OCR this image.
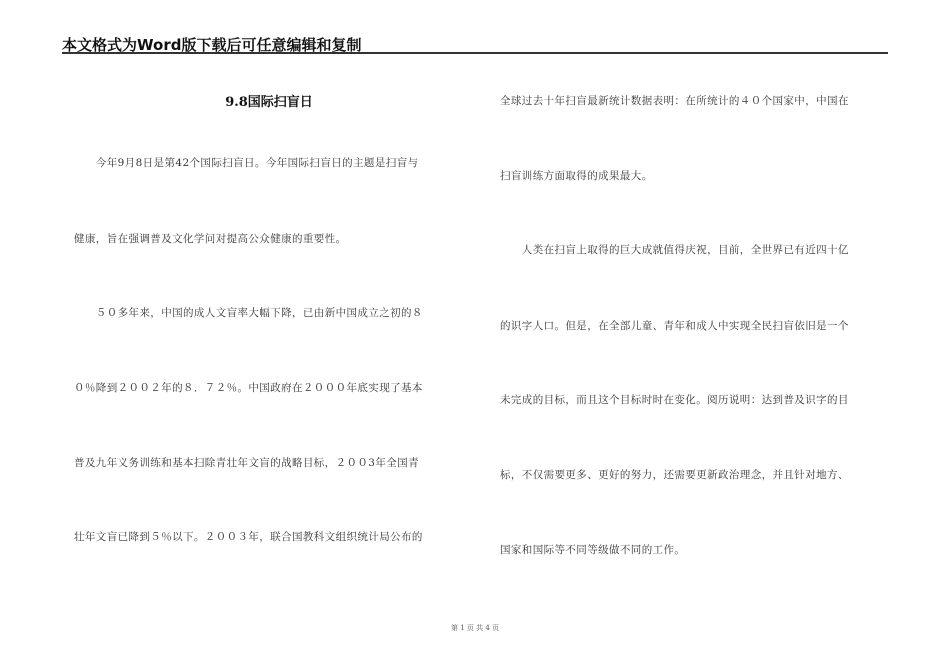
本文格式为Word版下载后可任意编辑和复制
9.8国际扫盲日
　　今年9月8日是第42个国际扫盲日。今年国际扫盲日的主题是扫盲与
健康，旨在强调普及文化学问对提高公众健康的重要性。
　　５０多年来，中国的成人文盲率大幅下降，已由新中国成立之初的８
０％降到２００２年的８．７２％。中国政府在２０００年底实现了基本
普及九年义务训练和基本扫除青壮年文盲的战略目标，２００3年全国青
壮年文盲已降到５％以下。２００３年，联合国教科文组织统计局公布的
全球过去十年扫盲最新统计数据表明：在所统计的４０个国家中，中国在
扫盲训练方面取得的成果最大。
　　人类在扫盲上取得的巨大成就值得庆祝，目前，全世界已有近四十亿
的识字人口。但是，在全部儿童、青年和成人中实现全民扫盲依旧是一个
未完成的目标，而且这个目标时时在变化。阅历说明：达到普及识字的目
标，不仅需要更多、更好的努力，还需要更新政治理念，并且针对地方、
国家和国际等不同等级做不同的工作。
第 1 页 共 4 页
